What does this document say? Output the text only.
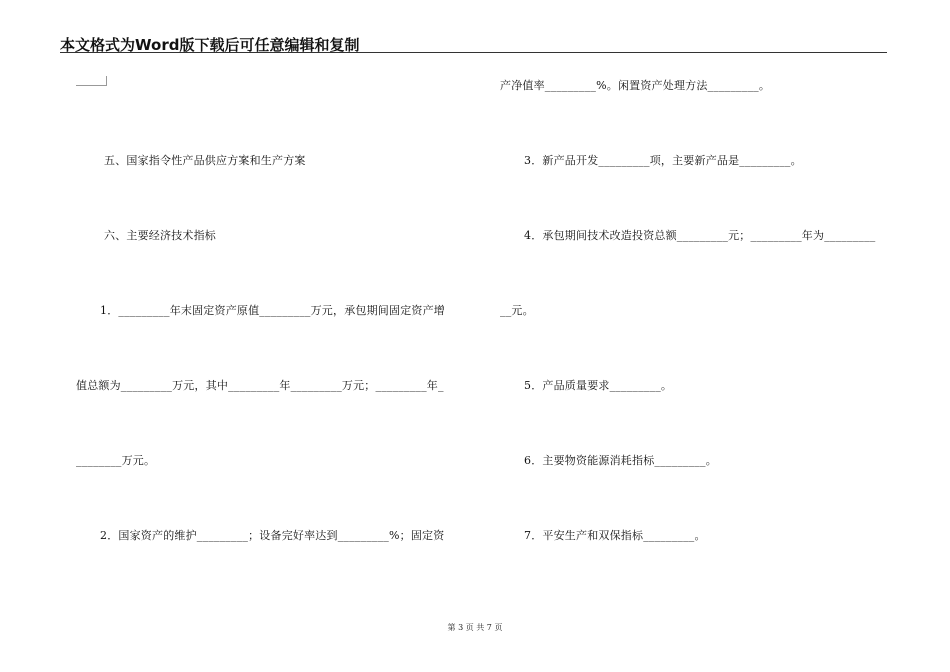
本文格式为Word版下载后可任意编辑和复制
五、国家指令性产品供应方案和生产方案
六、主要经济技术指标
1．_________年末固定资产原值_________万元，承包期间固定资产增
值总额为_________万元，其中_________年_________万元；_________年_
________万元。
2．国家资产的维护_________；设备完好率达到_________%；固定资
产净值率_________%。闲置资产处理方法_________。
3．新产品开发_________项，主要新产品是_________。
4．承包期间技术改造投资总额_________元；_________年为_________
__元。
5．产品质量要求_________。
6．主要物资能源消耗指标_________。
7．平安生产和双保指标_________。
第 3 页 共 7 页
